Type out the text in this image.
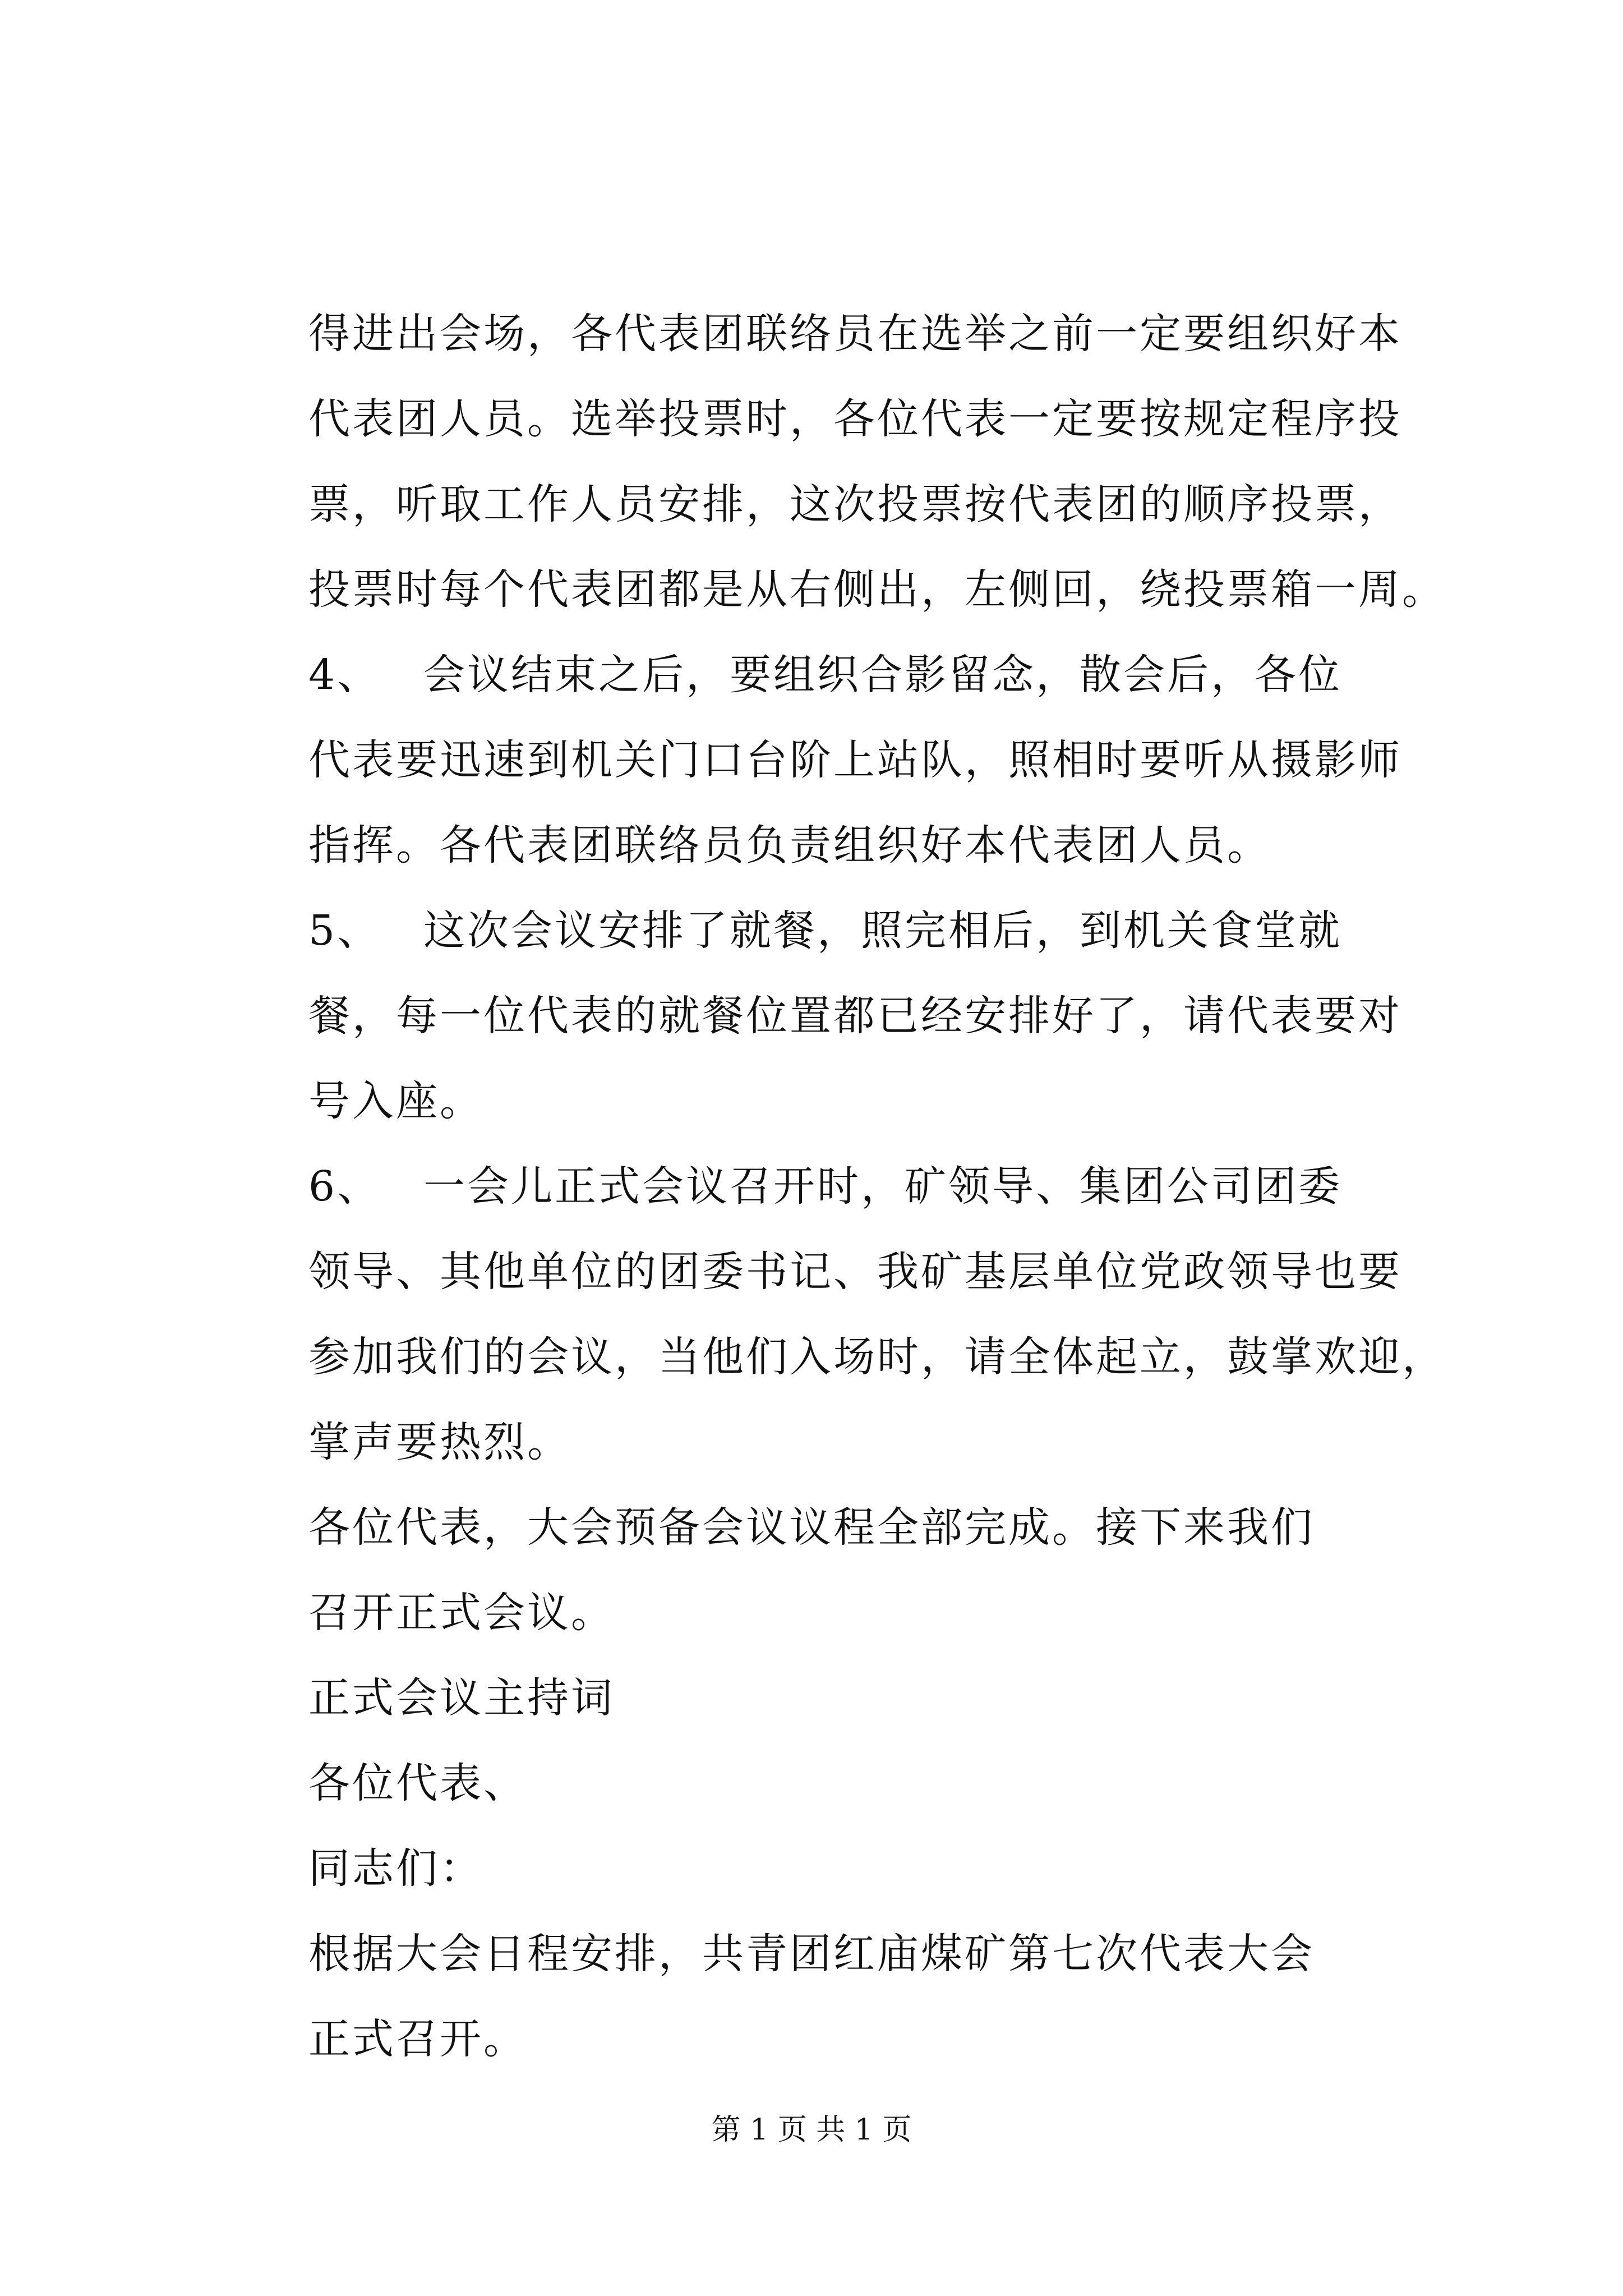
得进出会场，各代表团联络员在选举之前一定要组织好本
代表团人员。选举投票时，各位代表一定要按规定程序投
票，听取工作人员安排，这次投票按代表团的顺序投票，
投票时每个代表团都是从右侧出，左侧回，绕投票箱一周。
4、 会议结束之后，要组织合影留念，散会后，各位
代表要迅速到机关门口台阶上站队，照相时要听从摄影师
指挥。各代表团联络员负责组织好本代表团人员。
5、 这次会议安排了就餐，照完相后，到机关食堂就
餐，每一位代表的就餐位置都已经安排好了，请代表要对
号入座。
6、 一会儿正式会议召开时，矿领导、集团公司团委
领导、其他单位的团委书记、我矿基层单位党政领导也要
参加我们的会议，当他们入场时，请全体起立，鼓掌欢迎，
掌声要热烈。
各位代表，大会预备会议议程全部完成。接下来我们
召开正式会议。
正式会议主持词
各位代表、
同志们：
根据大会日程安排，共青团红庙煤矿第七次代表大会
正式召开。
第 1 页 共 1 页
